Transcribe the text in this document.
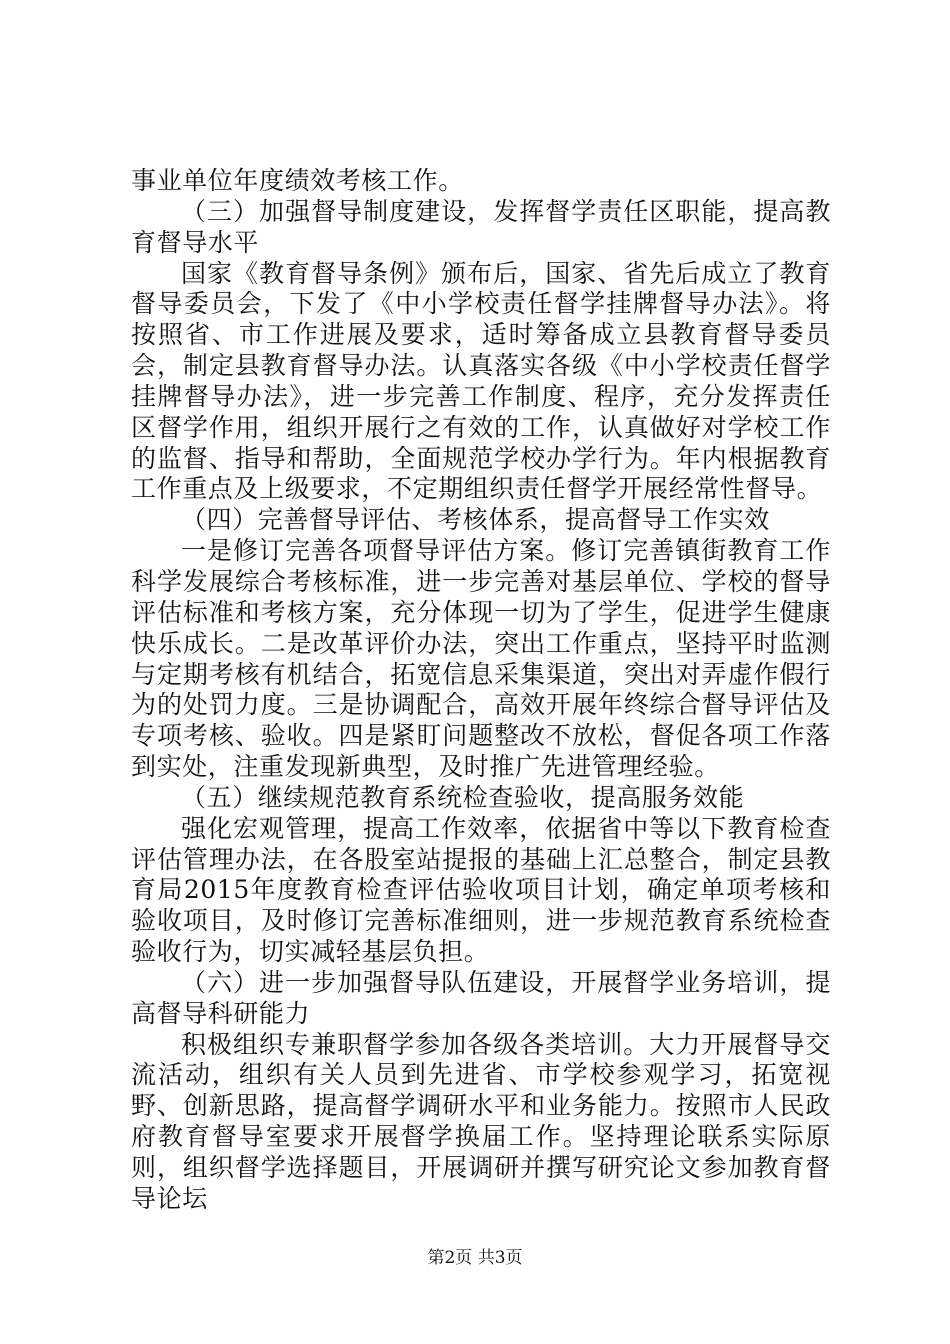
事业单位年度绩效考核工作。

（三）加强督导制度建设，发挥督学责任区职能，提高教育督导水平

国家《教育督导条例》颁布后，国家、省先后成立了教育督导委员会，下发了《中小学校责任督学挂牌督导办法》。将按照省、市工作进展及要求，适时筹备成立县教育督导委员会，制定县教育督导办法。认真落实各级《中小学校责任督学挂牌督导办法》，进一步完善工作制度、程序，充分发挥责任区督学作用，组织开展行之有效的工作，认真做好对学校工作的监督、指导和帮助，全面规范学校办学行为。年内根据教育工作重点及上级要求，不定期组织责任督学开展经常性督导。

（四）完善督导评估、考核体系，提高督导工作实效

一是修订完善各项督导评估方案。修订完善镇街教育工作科学发展综合考核标准，进一步完善对基层单位、学校的督导评估标准和考核方案，充分体现一切为了学生，促进学生健康快乐成长。二是改革评价办法，突出工作重点，坚持平时监测与定期考核有机结合，拓宽信息采集渠道，突出对弄虚作假行为的处罚力度。三是协调配合，高效开展年终综合督导评估及专项考核、验收。四是紧盯问题整改不放松，督促各项工作落到实处，注重发现新典型，及时推广先进管理经验。

（五）继续规范教育系统检查验收，提高服务效能

强化宏观管理，提高工作效率，依据省中等以下教育检查评估管理办法，在各股室站提报的基础上汇总整合，制定县教育局2015年度教育检查评估验收项目计划，确定单项考核和验收项目，及时修订完善标准细则，进一步规范教育系统检查验收行为，切实减轻基层负担。

（六）进一步加强督导队伍建设，开展督学业务培训，提高督导科研能力

积极组织专兼职督学参加各级各类培训。大力开展督导交流活动，组织有关人员到先进省、市学校参观学习，拓宽视野、创新思路，提高督学调研水平和业务能力。按照市人民政府教育督导室要求开展督学换届工作。坚持理论联系实际原则，组织督学选择题目，开展调研并撰写研究论文参加教育督导论坛

第2页 共3页
